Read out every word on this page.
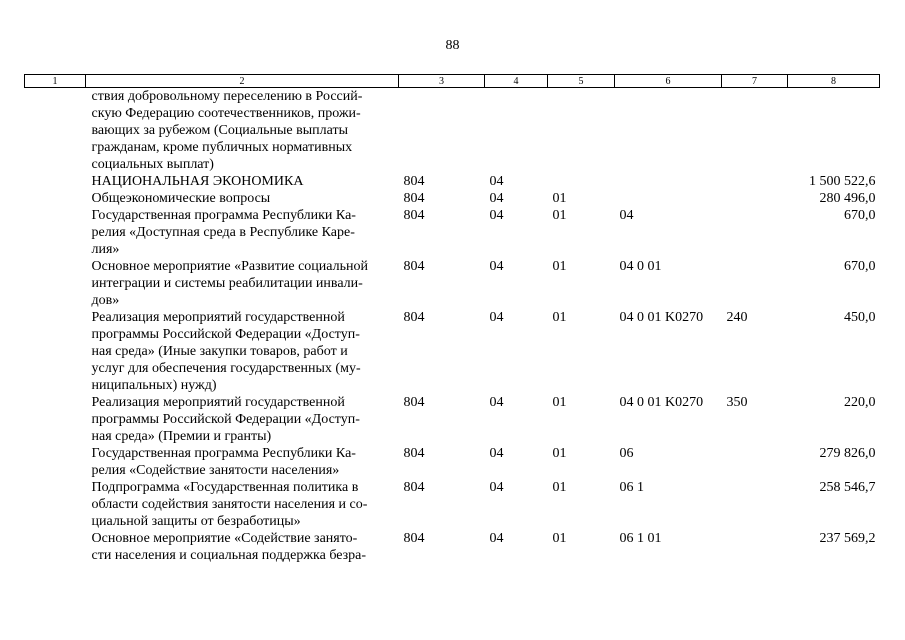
88
1	2	3	4	5	6	7	8

	ствия добровольному переселению в Россий-
скую Федерацию соотечественников, прожи-
вающих за рубежом (Социальные выплаты
гражданам, кроме публичных нормативных
социальных выплат)						

	НАЦИОНАЛЬНАЯ ЭКОНОМИКА	804	04				1 500 522,6

	Общеэкономические вопросы	804	04	01			280 496,0

	Государственная программа Республики Ка-
релия «Доступная среда в Республике Каре-
лия»	804	04	01	04		670,0

	Основное мероприятие «Развитие социальной
интеграции и системы реабилитации инвали-
дов»	804	04	01	04 0 01		670,0

	Реализация мероприятий государственной
программы Российской Федерации «Доступ-
ная среда» (Иные закупки товаров, работ и
услуг для обеспечения государственных (му-
ниципальных) нужд)	804	04	01	04 0 01 K0270	240	450,0

	Реализация мероприятий государственной
программы Российской Федерации «Доступ-
ная среда» (Премии и гранты)	804	04	01	04 0 01 K0270	350	220,0

	Государственная программа Республики Ка-
релия «Содействие занятости населения»	804	04	01	06		279 826,0

	Подпрограмма «Государственная политика в
области содействия занятости населения и со-
циальной защиты от безработицы»	804	04	01	06 1		258 546,7

	Основное мероприятие «Содействие занято-
сти населения и социальная поддержка безра-	804	04	01	06 1 01		237 569,2
